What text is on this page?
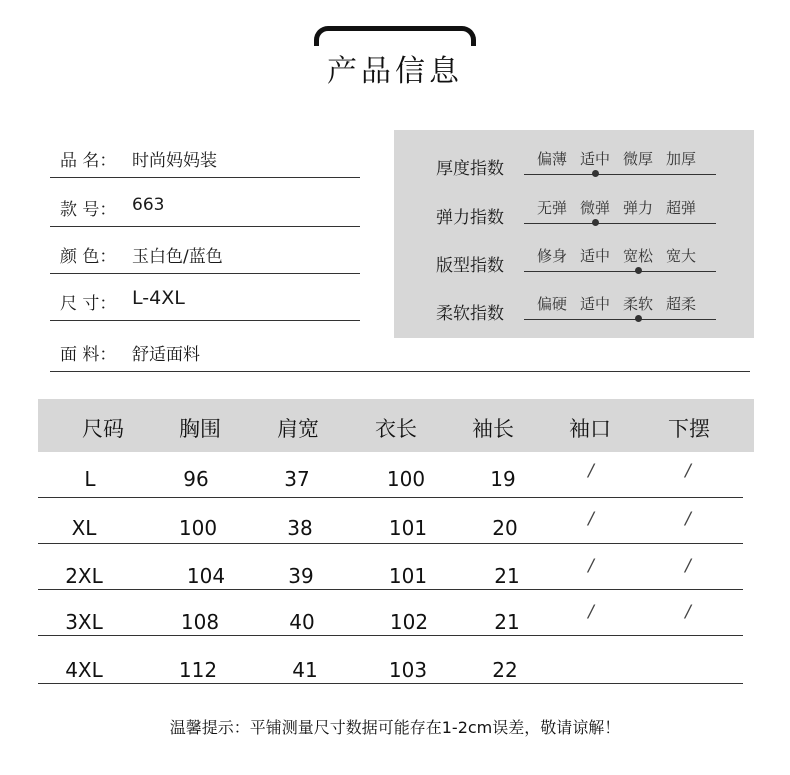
产品信息
品 名： 时尚妈妈装
款 号： 663
颜 色： 玉白色/蓝色
尺 寸： L-4XL
面 料： 舒适面料
厚度指数 偏薄 适中 微厚 加厚
弹力指数 无弹 微弹 弹力 超弹
版型指数 修身 适中 宽松 宽大
柔软指数 偏硬 适中 柔软 超柔
尺码	胸围	肩宽	衣长	袖长	袖口	下摆
L	96	37	100	19	/	/
XL	100	38	101	20	/	/
2XL	104	39	101	21	/	/
3XL	108	40	102	21	/	/
4XL	112	41	103	22
温馨提示：平铺测量尺寸数据可能存在1-2cm误差，敬请谅解！
